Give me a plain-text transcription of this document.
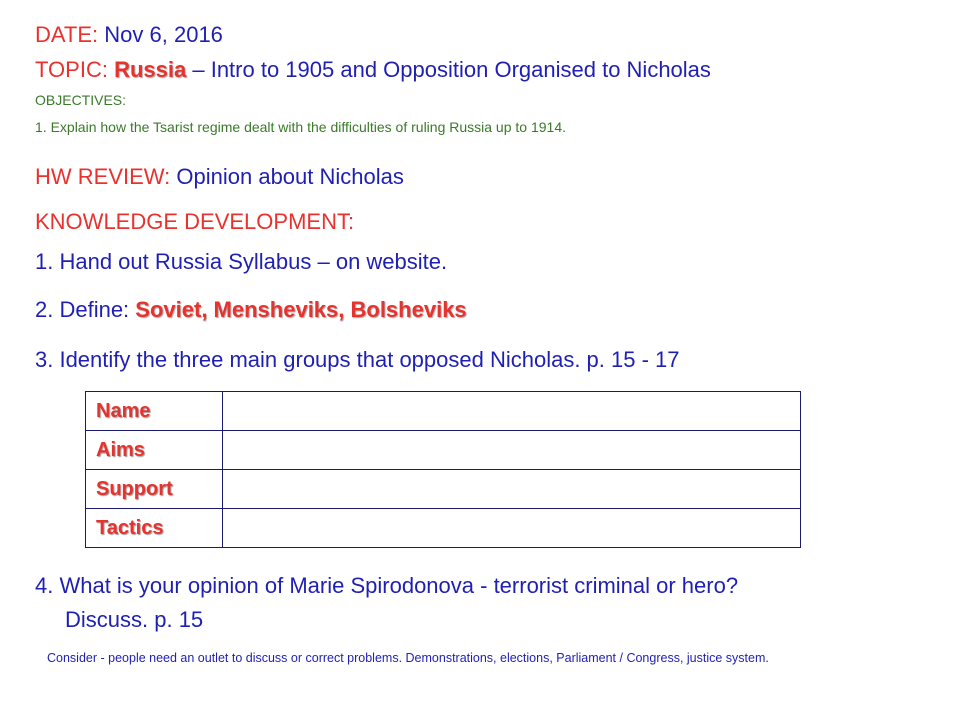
DATE: Nov 6, 2016
TOPIC: Russia – Intro to 1905 and Opposition Organised to Nicholas
OBJECTIVES:
1. Explain how the Tsarist regime dealt with the difficulties of ruling Russia up to 1914.
HW REVIEW: Opinion about Nicholas
KNOWLEDGE DEVELOPMENT:
1. Hand out Russia Syllabus – on website.
2. Define: Soviet, Mensheviks, Bolsheviks
3. Identify the three main groups that opposed Nicholas. p. 15 - 17
Name	
Aims	
Support	
Tactics	
4. What is your opinion of Marie Spirodonova - terrorist criminal or hero?
Discuss. p. 15
Consider - people need an outlet to discuss or correct problems. Demonstrations, elections, Parliament / Congress, justice system.
